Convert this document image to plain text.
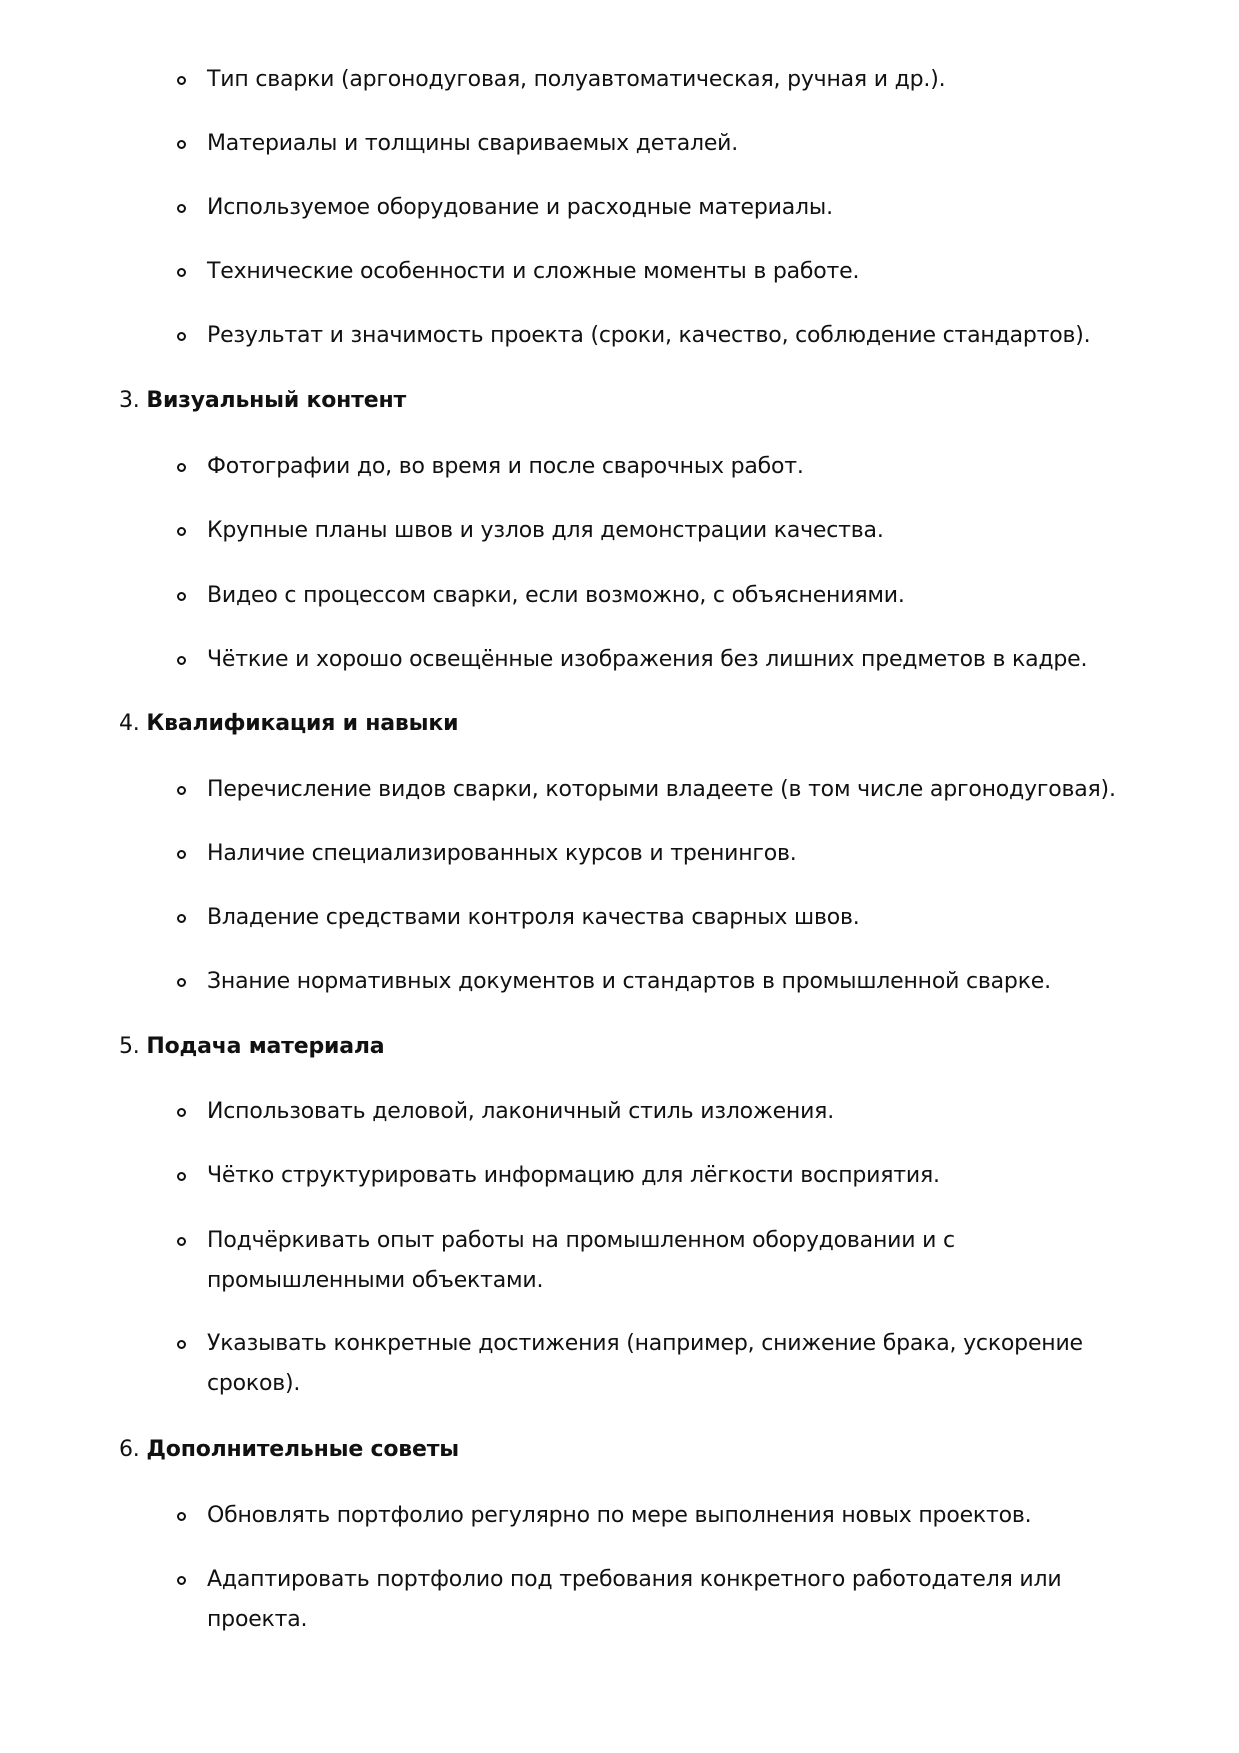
Тип сварки (аргонодуговая, полуавтоматическая, ручная и др.).
Материалы и толщины свариваемых деталей.
Используемое оборудование и расходные материалы.
Технические особенности и сложные моменты в работе.
Результат и значимость проекта (сроки, качество, соблюдение стандартов).
3. Визуальный контент
Фотографии до, во время и после сварочных работ.
Крупные планы швов и узлов для демонстрации качества.
Видео с процессом сварки, если возможно, с объяснениями.
Чёткие и хорошо освещённые изображения без лишних предметов в кадре.
4. Квалификация и навыки
Перечисление видов сварки, которыми владеете (в том числе аргонодуговая).
Наличие специализированных курсов и тренингов.
Владение средствами контроля качества сварных швов.
Знание нормативных документов и стандартов в промышленной сварке.
5. Подача материала
Использовать деловой, лаконичный стиль изложения.
Чётко структурировать информацию для лёгкости восприятия.
Подчёркивать опыт работы на промышленном оборудовании и с промышленными объектами.
Указывать конкретные достижения (например, снижение брака, ускорение сроков).
6. Дополнительные советы
Обновлять портфолио регулярно по мере выполнения новых проектов.
Адаптировать портфолио под требования конкретного работодателя или проекта.
